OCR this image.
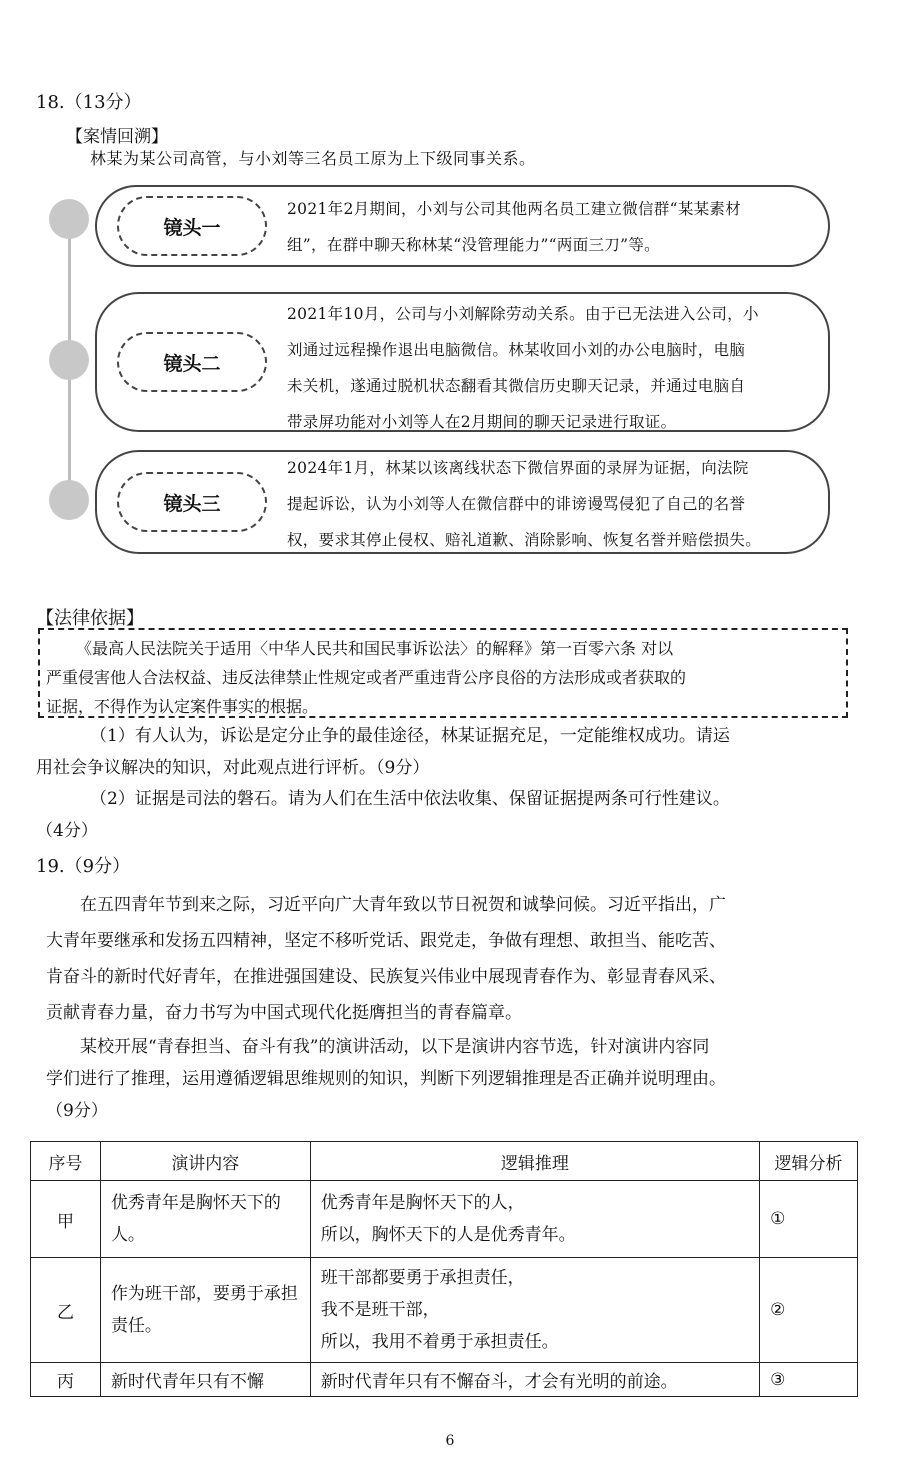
18.（13分）
【案情回溯】
林某为某公司高管，与小刘等三名员工原为上下级同事关系。
镜头一
2021年2月期间，小刘与公司其他两名员工建立微信群“某某素材
组”，在群中聊天称林某“没管理能力”“两面三刀”等。
镜头二
2021年10月，公司与小刘解除劳动关系。由于已无法进入公司，小
刘通过远程操作退出电脑微信。林某收回小刘的办公电脑时，电脑
未关机，遂通过脱机状态翻看其微信历史聊天记录，并通过电脑自
带录屏功能对小刘等人在2月期间的聊天记录进行取证。
镜头三
2024年1月，林某以该离线状态下微信界面的录屏为证据，向法院
提起诉讼，认为小刘等人在微信群中的诽谤谩骂侵犯了自己的名誉
权，要求其停止侵权、赔礼道歉、消除影响、恢复名誉并赔偿损失。
【法律依据】
《最高人民法院关于适用〈中华人民共和国民事诉讼法〉的解释》第一百零六条 对以
严重侵害他人合法权益、违反法律禁止性规定或者严重违背公序良俗的方法形成或者获取的
证据，不得作为认定案件事实的根据。
（1）有人认为，诉讼是定分止争的最佳途径，林某证据充足，一定能维权成功。请运
用社会争议解决的知识，对此观点进行评析。（9分）
（2）证据是司法的磐石。请为人们在生活中依法收集、保留证据提两条可行性建议。
（4分）
19.（9分）
在五四青年节到来之际，习近平向广大青年致以节日祝贺和诚挚问候。习近平指出，广
大青年要继承和发扬五四精神，坚定不移听党话、跟党走，争做有理想、敢担当、能吃苦、
肯奋斗的新时代好青年，在推进强国建设、民族复兴伟业中展现青春作为、彰显青春风采、
贡献青春力量，奋力书写为中国式现代化挺膺担当的青春篇章。
某校开展“青春担当、奋斗有我”的演讲活动，以下是演讲内容节选，针对演讲内容同
学们进行了推理，运用遵循逻辑思维规则的知识，判断下列逻辑推理是否正确并说明理由。
（9分）
序号	演讲内容	逻辑推理	逻辑分析
甲	优秀青年是胸怀天下的人。	优秀青年是胸怀天下的人，
所以，胸怀天下的人是优秀青年。	①
乙	作为班干部，要勇于承担责任。	班干部都要勇于承担责任，
我不是班干部，
所以，我用不着勇于承担责任。	②
丙	新时代青年只有不懈	新时代青年只有不懈奋斗，才会有光明的前途。	③
6
